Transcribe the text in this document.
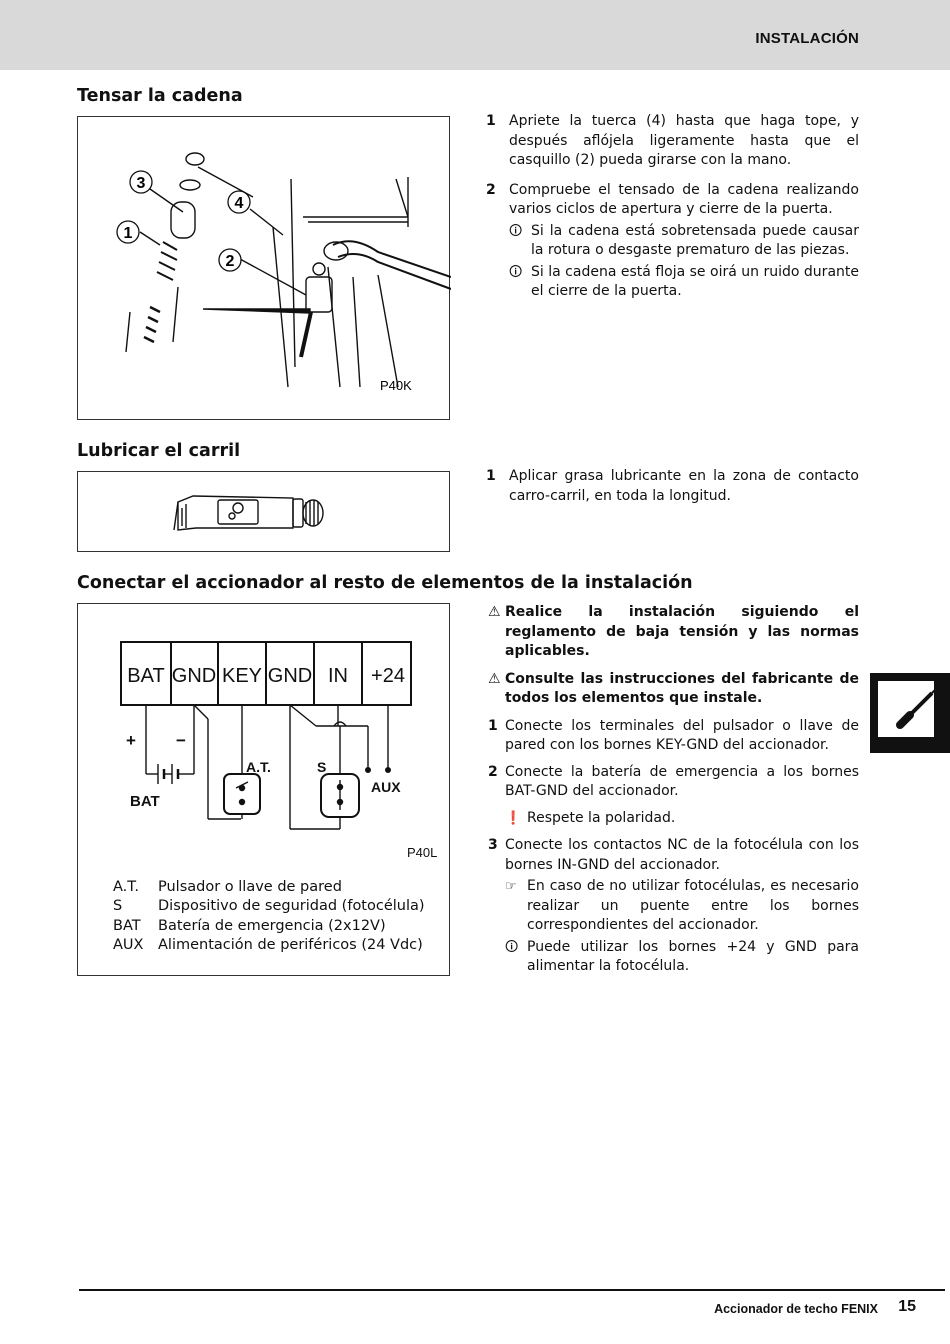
INSTALACIÓN
Tensar la cadena
3
4
1
2
P40K
1 Apriete la tuerca (4) hasta que haga tope, y después aflójela ligeramente hasta que el casquillo (2) pueda girarse con la mano.
2 Compruebe el tensado de la cadena realizando varios ciclos de apertura y cierre de la puerta.
🛈 Si la cadena está sobretensada puede causar la rotura o desgaste prematuro de las piezas.
🛈 Si la cadena está floja se oirá un ruido durante el cierre de la puerta.
Lubricar el carril
1 Aplicar grasa lubricante en la zona de contacto carro-carril, en toda la longitud.
Conectar el accionador al resto de elementos de la instalación
BAT GND KEY GND IN +24
+ −
BAT
A.T.	S
AUX
P40L
A.T.	Pulsador o llave de pared
S	Dispositivo de seguridad (fotocélula)
BAT	Batería de emergencia (2x12V)
AUX	Alimentación de periféricos (24 Vdc)
⚠ Realice la instalación siguiendo el reglamento de baja tensión y las normas aplicables.
⚠ Consulte las instrucciones del fabricante de todos los elementos que instale.
1 Conecte los terminales del pulsador o llave de pared con los bornes KEY-GND del accionador.
2 Conecte la batería de emergencia a los bornes BAT-GND del accionador.
❗ Respete la polaridad.
3 Conecte los contactos NC de la fotocélula con los bornes IN-GND del accionador.
☞ En caso de no utilizar fotocélulas, es necesario realizar un puente entre los bornes correspondientes del accionador.
🛈 Puede utilizar los bornes +24 y GND para alimentar la fotocélula.
Accionador de techo FENIX 15
